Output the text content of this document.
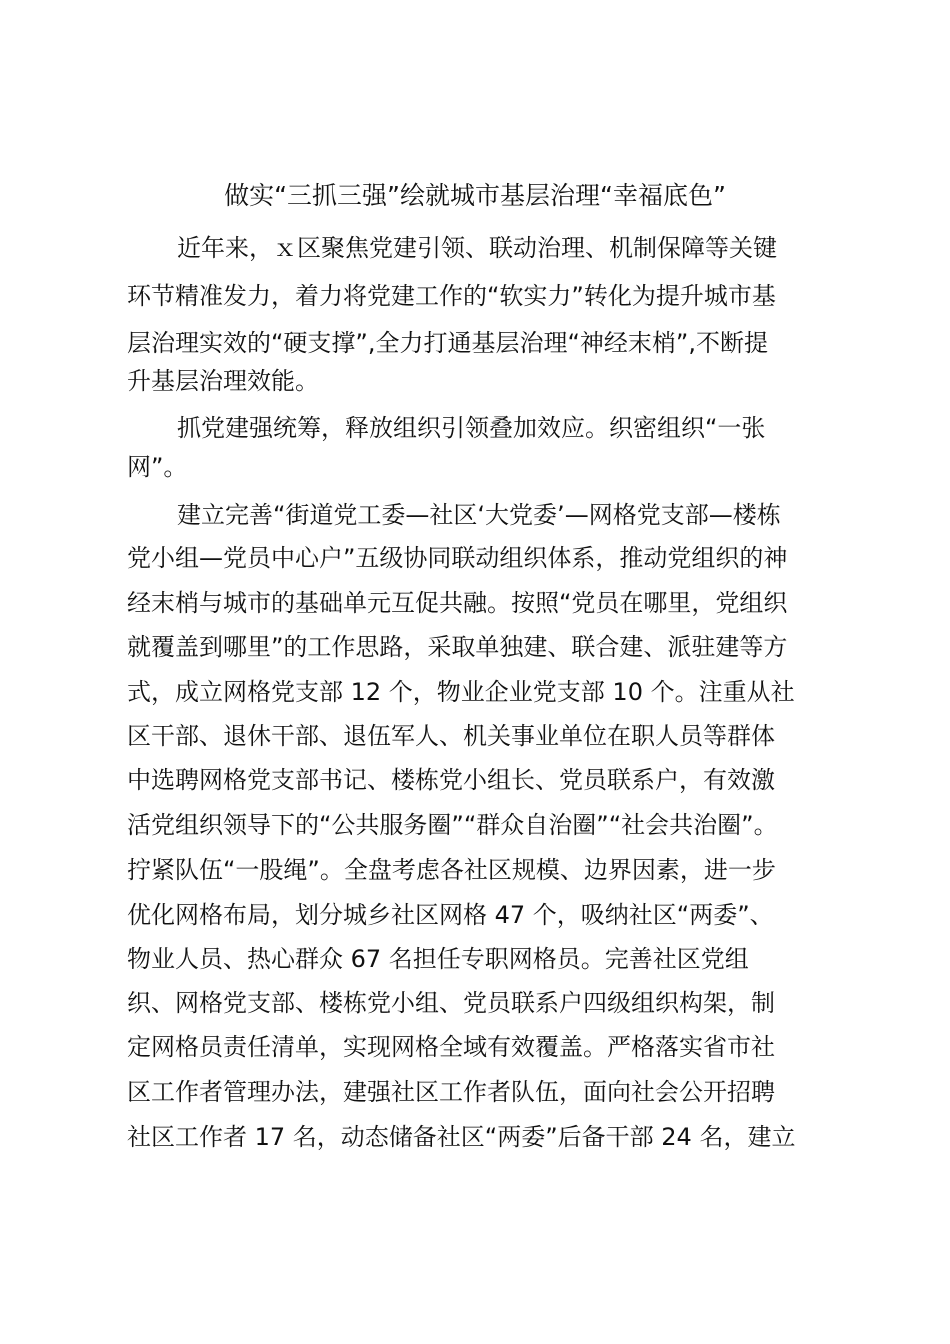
做实“三抓三强”绘就城市基层治理“幸福底色”
近年来，ｘ区聚焦党建引领、联动治理、机制保障等关键
环节精准发力，着力将党建工作的“软实力”转化为提升城市基
层治理实效的“硬支撑”,全力打通基层治理“神经末梢”,不断提
升基层治理效能。
抓党建强统筹，释放组织引领叠加效应。织密组织“一张
网”。
建立完善“街道党工委—社区‘大党委’—网格党支部—楼栋
党小组—党员中心户”五级协同联动组织体系，推动党组织的神
经末梢与城市的基础单元互促共融。按照“党员在哪里，党组织
就覆盖到哪里”的工作思路，采取单独建、联合建、派驻建等方
式，成立网格党支部 12 个，物业企业党支部 10 个。注重从社
区干部、退休干部、退伍军人、机关事业单位在职人员等群体
中选聘网格党支部书记、楼栋党小组长、党员联系户，有效激
活党组织领导下的“公共服务圈”“群众自治圈”“社会共治圈”。
拧紧队伍“一股绳”。全盘考虑各社区规模、边界因素，进一步
优化网格布局，划分城乡社区网格 47 个，吸纳社区“两委”、
物业人员、热心群众 67 名担任专职网格员。完善社区党组
织、网格党支部、楼栋党小组、党员联系户四级组织构架，制
定网格员责任清单，实现网格全域有效覆盖。严格落实省市社
区工作者管理办法，建强社区工作者队伍，面向社会公开招聘
社区工作者 17 名，动态储备社区“两委”后备干部 24 名，建立
